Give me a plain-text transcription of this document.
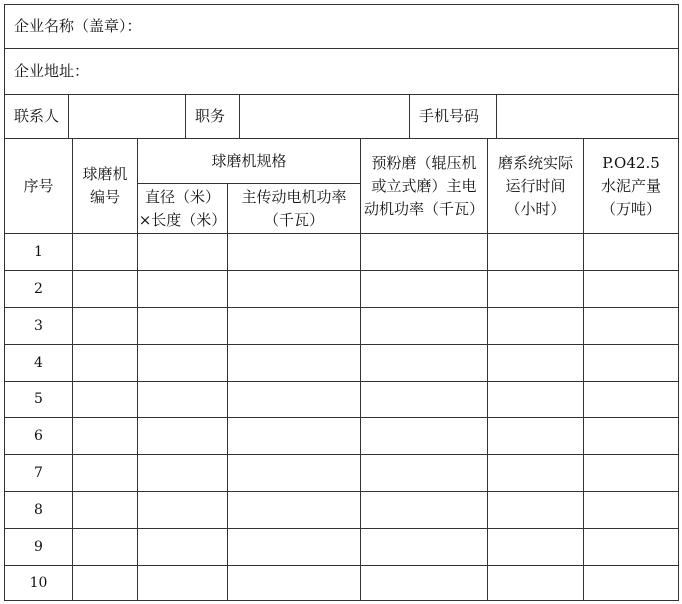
企业名称（盖章）：
企业地址：
联系人	职务	手机号码
序号
球磨机
编号
球磨机规格
直径（米）
×长度（米）
主传动电机功率
（千瓦）
预粉磨（辊压机
或立式磨）主电
动机功率（千瓦）
磨系统实际
运行时间
（小时）
P.O42.5
水泥产量
（万吨）
1
2
3
4
5
6
7
8
9
10
